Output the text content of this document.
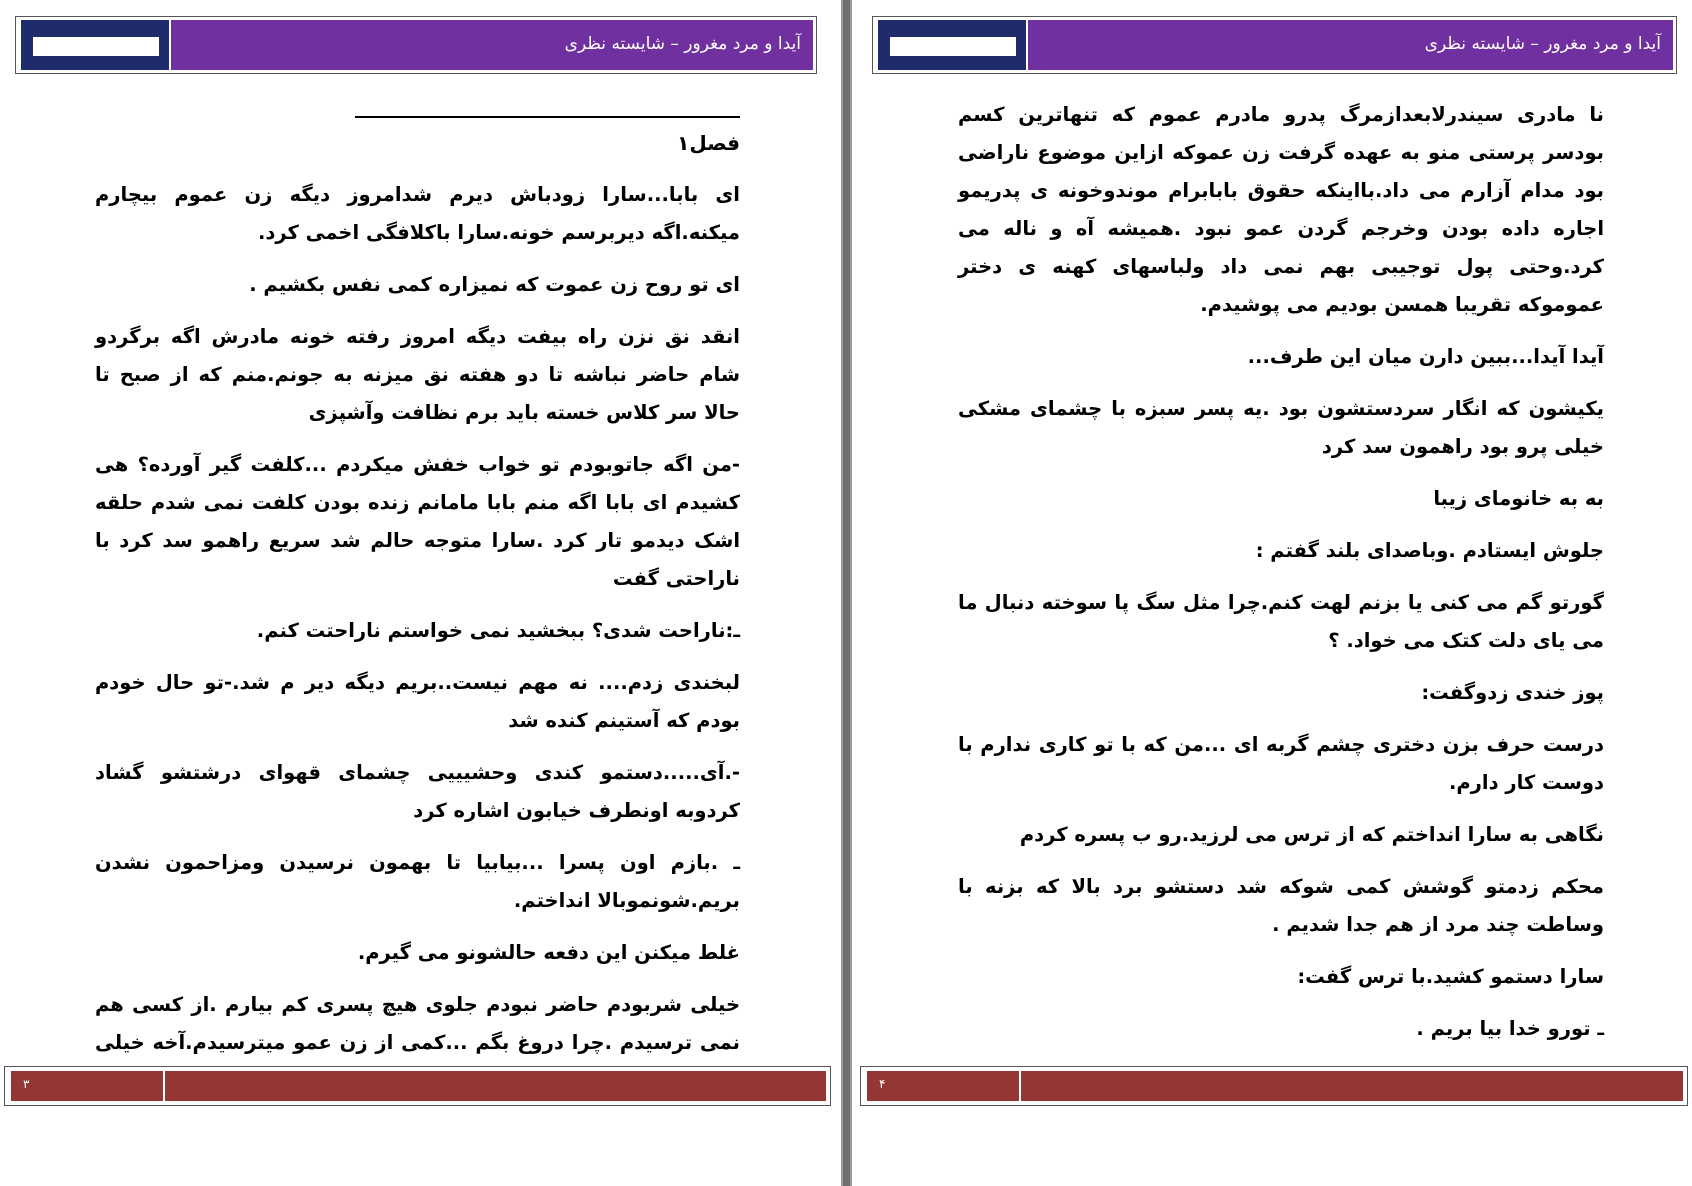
آیدا و مرد مغرور – شایسته نظری

فصل۱

ای بابا...سارا زودباش دیرم شدامروز دیگه زن عموم بیچارم میکنه.اگه دیربرسم خونه.سارا باکلافگی اخمی کرد.

ای تو روح زن عموت که نمیزاره کمی نفس بکشیم .

انقد نق نزن راه بیفت دیگه امروز رفته خونه مادرش اگه برگردو شام حاضر نباشه تا دو هفته نق میزنه به جونم.منم که از صبح تا حالا سر کلاس خسته باید برم نظافت وآشپزی

-من اگه جاتوبودم تو خواب خفش میکردم ...کلفت گیر آورده؟ هی کشیدم ای بابا اگه منم بابا مامانم زنده بودن کلفت نمی شدم حلقه اشک دیدمو تار کرد .سارا متوجه حالم شد سریع راهمو سد کرد با ناراحتی گفت

ـ:ناراحت شدی؟ ببخشید نمی خواستم ناراحتت کنم.

لبخندی زدم.... نه مهم نیست..بریم دیگه دیر م شد.-تو حال خودم بودم که آستینم کنده شد

-.آی.....دستمو کندی وحشیییی چشمای قهوای درشتشو گشاد کردوبه اونطرف خیابون اشاره کرد

ـ .بازم اون پسرا ...بیابیا تا بهمون نرسیدن ومزاحمون نشدن بریم.شونموبالا انداختم.

غلط میکنن این دفعه حالشونو می گیرم.

خیلی شربودم حاضر نبودم جلوی هیچ پسری کم بیارم .از کسی هم نمی ترسیدم .چرا دروغ بگم ...کمی از زن عمو میترسیدم.آخه خیلی

۳
آیدا و مرد مغرور – شایسته نظری

نا مادری سیندرلابعدازمرگ پدرو مادرم عموم که تنهاترین کسم بودسر پرستی منو به عهده گرفت زن عموکه ازاین موضوع ناراضی بود مدام آزارم می داد.بااینکه حقوق بابابرام موندوخونه ی پدریمو اجاره داده بودن وخرجم گردن عمو نبود .همیشه آه و ناله می کرد.وحتی پول توجیبی بهم نمی داد ولباسهای کهنه ی دختر عموموکه تقریبا همسن بودیم می پوشیدم.

آیدا آیدا...ببین دارن میان این طرف...

یکیشون که انگار سردستشون بود .یه پسر سبزه با چشمای مشکی خیلی پرو بود راهمون سد کرد

به به خانومای زیبا

جلوش ایستادم .وباصدای بلند گفتم :

گورتو گم می کنی یا بزنم لهت کنم.چرا مثل سگ پا سوخته دنبال ما می یای دلت کتک می خواد. ؟

پوز خندی زدوگفت:

درست حرف بزن دختری چشم گربه ای ...من که با تو کاری ندارم با دوست کار دارم.

نگاهی به سارا انداختم که از ترس می لرزید.رو ب پسره کردم

محکم زدمتو گوشش کمی شوکه شد دستشو برد بالا که بزنه با وساطت چند مرد از هم جدا شدیم .

سارا دستمو کشید.با ترس گفت:

ـ تورو خدا بیا بریم .

۴
